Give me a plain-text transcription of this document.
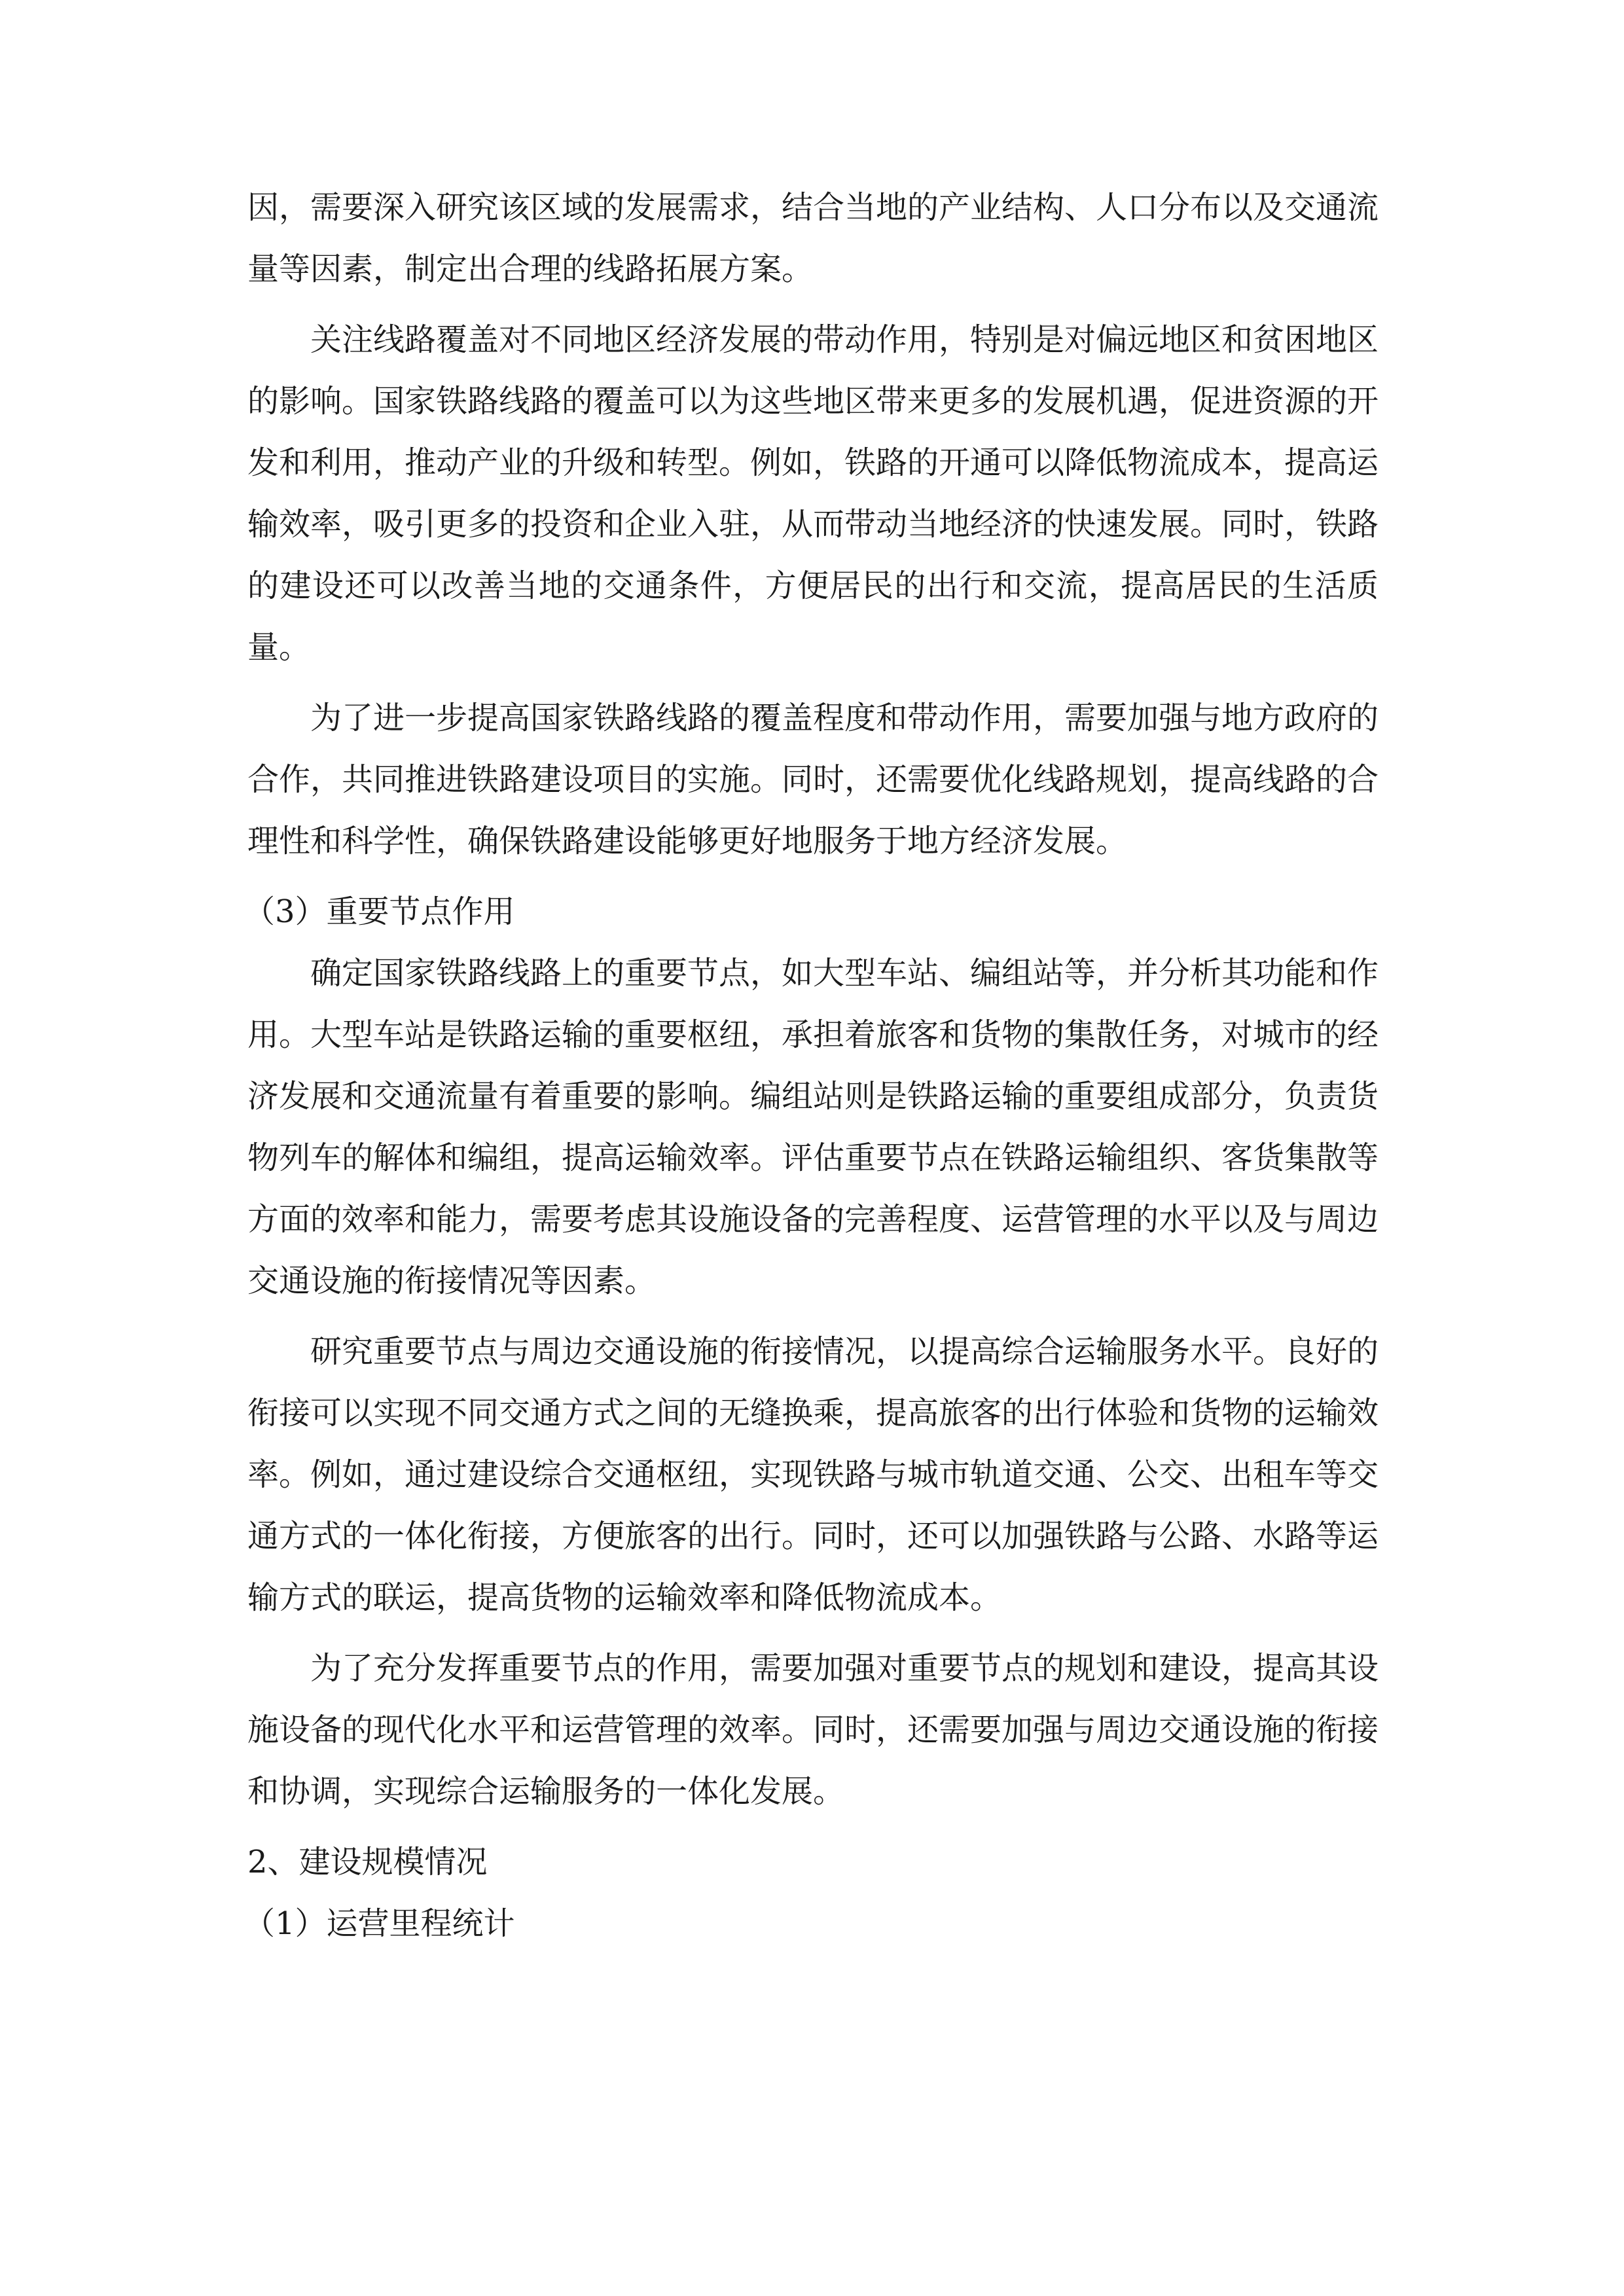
因，需要深入研究该区域的发展需求，结合当地的产业结构、人口分布以及交通流量等因素，制定出合理的线路拓展方案。

关注线路覆盖对不同地区经济发展的带动作用，特别是对偏远地区和贫困地区的影响。国家铁路线路的覆盖可以为这些地区带来更多的发展机遇，促进资源的开发和利用，推动产业的升级和转型。例如，铁路的开通可以降低物流成本，提高运输效率，吸引更多的投资和企业入驻，从而带动当地经济的快速发展。同时，铁路的建设还可以改善当地的交通条件，方便居民的出行和交流，提高居民的生活质量。

为了进一步提高国家铁路线路的覆盖程度和带动作用，需要加强与地方政府的合作，共同推进铁路建设项目的实施。同时，还需要优化线路规划，提高线路的合理性和科学性，确保铁路建设能够更好地服务于地方经济发展。

（3）重要节点作用

确定国家铁路线路上的重要节点，如大型车站、编组站等，并分析其功能和作用。大型车站是铁路运输的重要枢纽，承担着旅客和货物的集散任务，对城市的经济发展和交通流量有着重要的影响。编组站则是铁路运输的重要组成部分，负责货物列车的解体和编组，提高运输效率。评估重要节点在铁路运输组织、客货集散等方面的效率和能力，需要考虑其设施设备的完善程度、运营管理的水平以及与周边交通设施的衔接情况等因素。

研究重要节点与周边交通设施的衔接情况，以提高综合运输服务水平。良好的衔接可以实现不同交通方式之间的无缝换乘，提高旅客的出行体验和货物的运输效率。例如，通过建设综合交通枢纽，实现铁路与城市轨道交通、公交、出租车等交通方式的一体化衔接，方便旅客的出行。同时，还可以加强铁路与公路、水路等运输方式的联运，提高货物的运输效率和降低物流成本。

为了充分发挥重要节点的作用，需要加强对重要节点的规划和建设，提高其设施设备的现代化水平和运营管理的效率。同时，还需要加强与周边交通设施的衔接和协调，实现综合运输服务的一体化发展。

2、建设规模情况

（1）运营里程统计
